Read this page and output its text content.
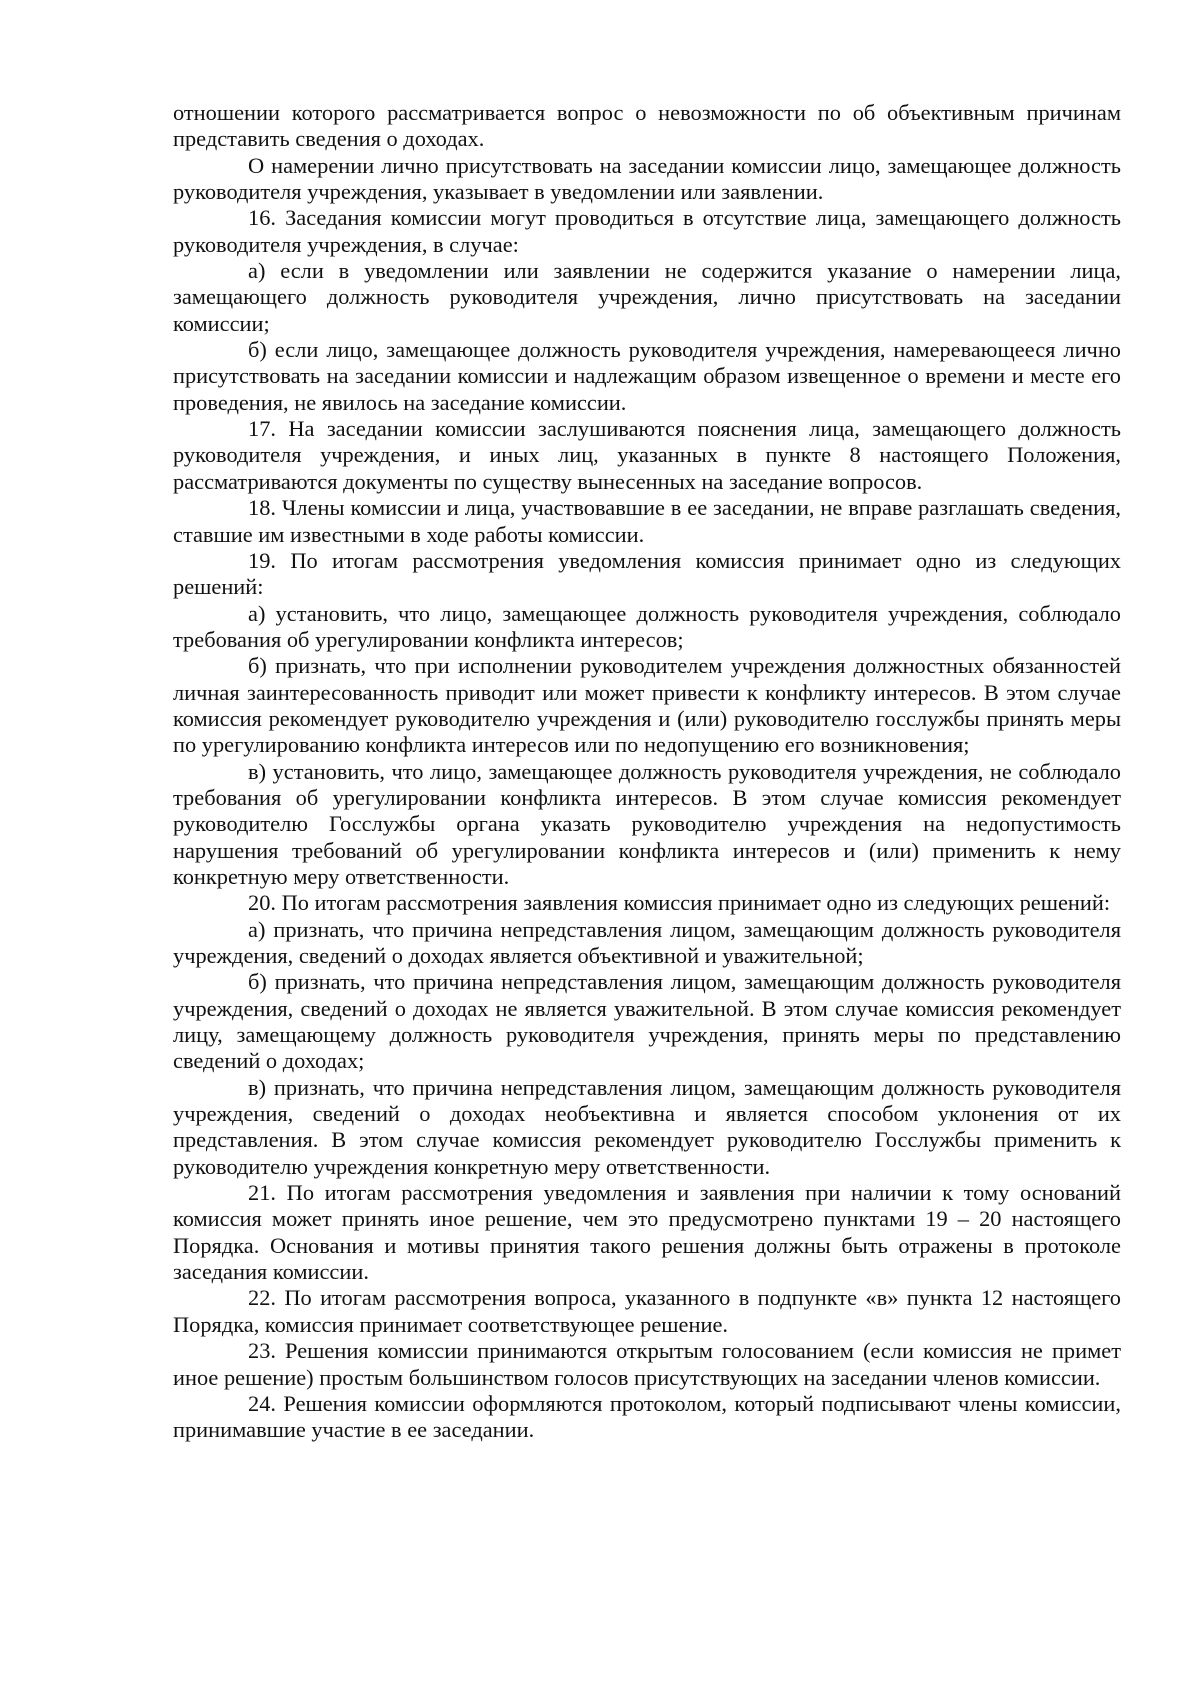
отношении которого рассматривается вопрос о невозможности по об объективным причинам представить сведения о доходах.

О намерении лично присутствовать на заседании комиссии лицо, замещающее должность руководителя учреждения, указывает в уведомлении или заявлении.

16. Заседания комиссии могут проводиться в отсутствие лица, замещающего должность руководителя учреждения, в случае:

а) если в уведомлении или заявлении не содержится указание о намерении лица, замещающего должность руководителя учреждения, лично присутствовать на заседании комиссии;

б) если лицо, замещающее должность руководителя учреждения, намеревающееся лично присутствовать на заседании комиссии и надлежащим образом извещенное о времени и месте его проведения, не явилось на заседание комиссии.

17. На заседании комиссии заслушиваются пояснения лица, замещающего должность руководителя учреждения, и иных лиц, указанных в пункте 8 настоящего Положения, рассматриваются документы по существу вынесенных на заседание вопросов.

18. Члены комиссии и лица, участвовавшие в ее заседании, не вправе разглашать сведения, ставшие им известными в ходе работы комиссии.

19. По итогам рассмотрения уведомления комиссия принимает одно из следующих решений:

а) установить, что лицо, замещающее должность руководителя учреждения, соблюдало требования об урегулировании конфликта интересов;

б) признать, что при исполнении руководителем учреждения должностных обязанностей личная заинтересованность приводит или может привести к конфликту интересов. В этом случае комиссия рекомендует руководителю учреждения и (или) руководителю госслужбы принять меры по урегулированию конфликта интересов или по недопущению его возникновения;

в) установить, что лицо, замещающее должность руководителя учреждения, не соблюдало требования об урегулировании конфликта интересов. В этом случае комиссия рекомендует руководителю Госслужбы органа указать руководителю учреждения на недопустимость нарушения требований об урегулировании конфликта интересов и (или) применить к нему конкретную меру ответственности.

20. По итогам рассмотрения заявления комиссия принимает одно из следующих решений:

а) признать, что причина непредставления лицом, замещающим должность руководителя учреждения, сведений о доходах является объективной и уважительной;

б) признать, что причина непредставления лицом, замещающим должность руководителя учреждения, сведений о доходах не является уважительной. В этом случае комиссия рекомендует лицу, замещающему должность руководителя учреждения, принять меры по представлению сведений о доходах;

в) признать, что причина непредставления лицом, замещающим должность руководителя учреждения, сведений о доходах необъективна и является способом уклонения от их представления. В этом случае комиссия рекомендует руководителю Госслужбы применить к руководителю учреждения конкретную меру ответственности.

21. По итогам рассмотрения уведомления и заявления при наличии к тому оснований комиссия может принять иное решение, чем это предусмотрено пунктами 19 – 20 настоящего Порядка. Основания и мотивы принятия такого решения должны быть отражены в протоколе заседания комиссии.

22. По итогам рассмотрения вопроса, указанного в подпункте «в» пункта 12 настоящего Порядка, комиссия принимает соответствующее решение.

23. Решения комиссии принимаются открытым голосованием (если комиссия не примет иное решение) простым большинством голосов присутствующих на заседании членов комиссии.

24. Решения комиссии оформляются протоколом, который подписывают члены комиссии, принимавшие участие в ее заседании.
